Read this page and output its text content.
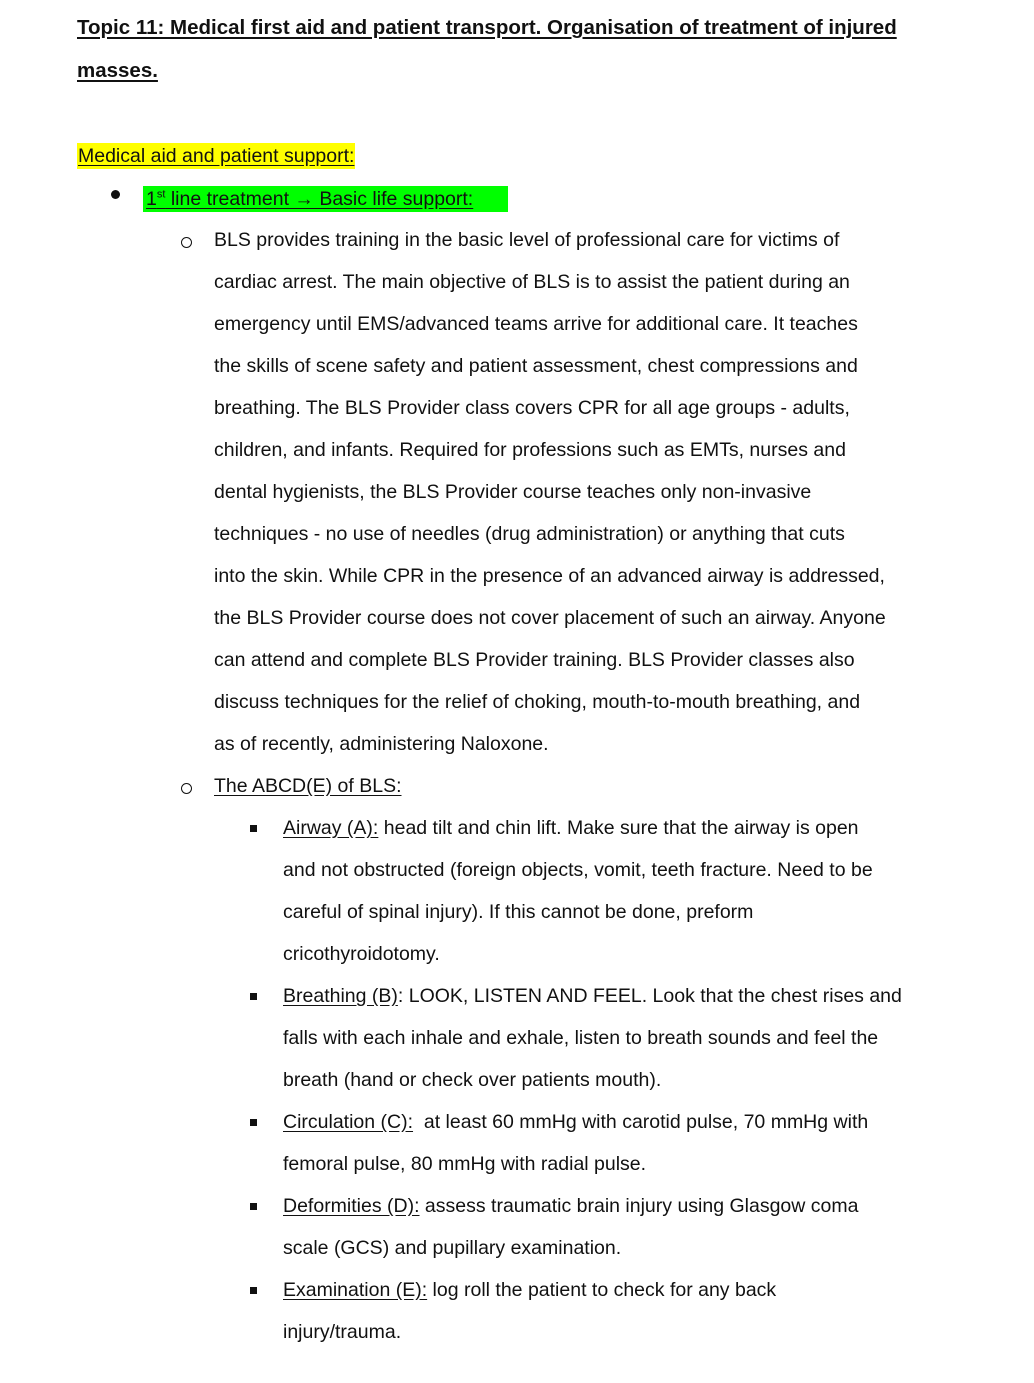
Topic 11: Medical first aid and patient transport. Organisation of treatment of injured
masses.
Medical aid and patient support:
1st line treatment → Basic life support:
BLS provides training in the basic level of professional care for victims of
cardiac arrest. The main objective of BLS is to assist the patient during an
emergency until EMS/advanced teams arrive for additional care. It teaches
the skills of scene safety and patient assessment, chest compressions and
breathing. The BLS Provider class covers CPR for all age groups - adults,
children, and infants. Required for professions such as EMTs, nurses and
dental hygienists, the BLS Provider course teaches only non-invasive
techniques - no use of needles (drug administration) or anything that cuts
into the skin. While CPR in the presence of an advanced airway is addressed,
the BLS Provider course does not cover placement of such an airway. Anyone
can attend and complete BLS Provider training. BLS Provider classes also
discuss techniques for the relief of choking, mouth-to-mouth breathing, and
as of recently, administering Naloxone.
The ABCD(E) of BLS:
Airway (A): head tilt and chin lift. Make sure that the airway is open
and not obstructed (foreign objects, vomit, teeth fracture. Need to be
careful of spinal injury). If this cannot be done, preform
cricothyroidotomy.
Breathing (B): LOOK, LISTEN AND FEEL. Look that the chest rises and
falls with each inhale and exhale, listen to breath sounds and feel the
breath (hand or check over patients mouth).
Circulation (C):  at least 60 mmHg with carotid pulse, 70 mmHg with
femoral pulse, 80 mmHg with radial pulse.
Deformities (D): assess traumatic brain injury using Glasgow coma
scale (GCS) and pupillary examination.
Examination (E): log roll the patient to check for any back
injury/trauma.
